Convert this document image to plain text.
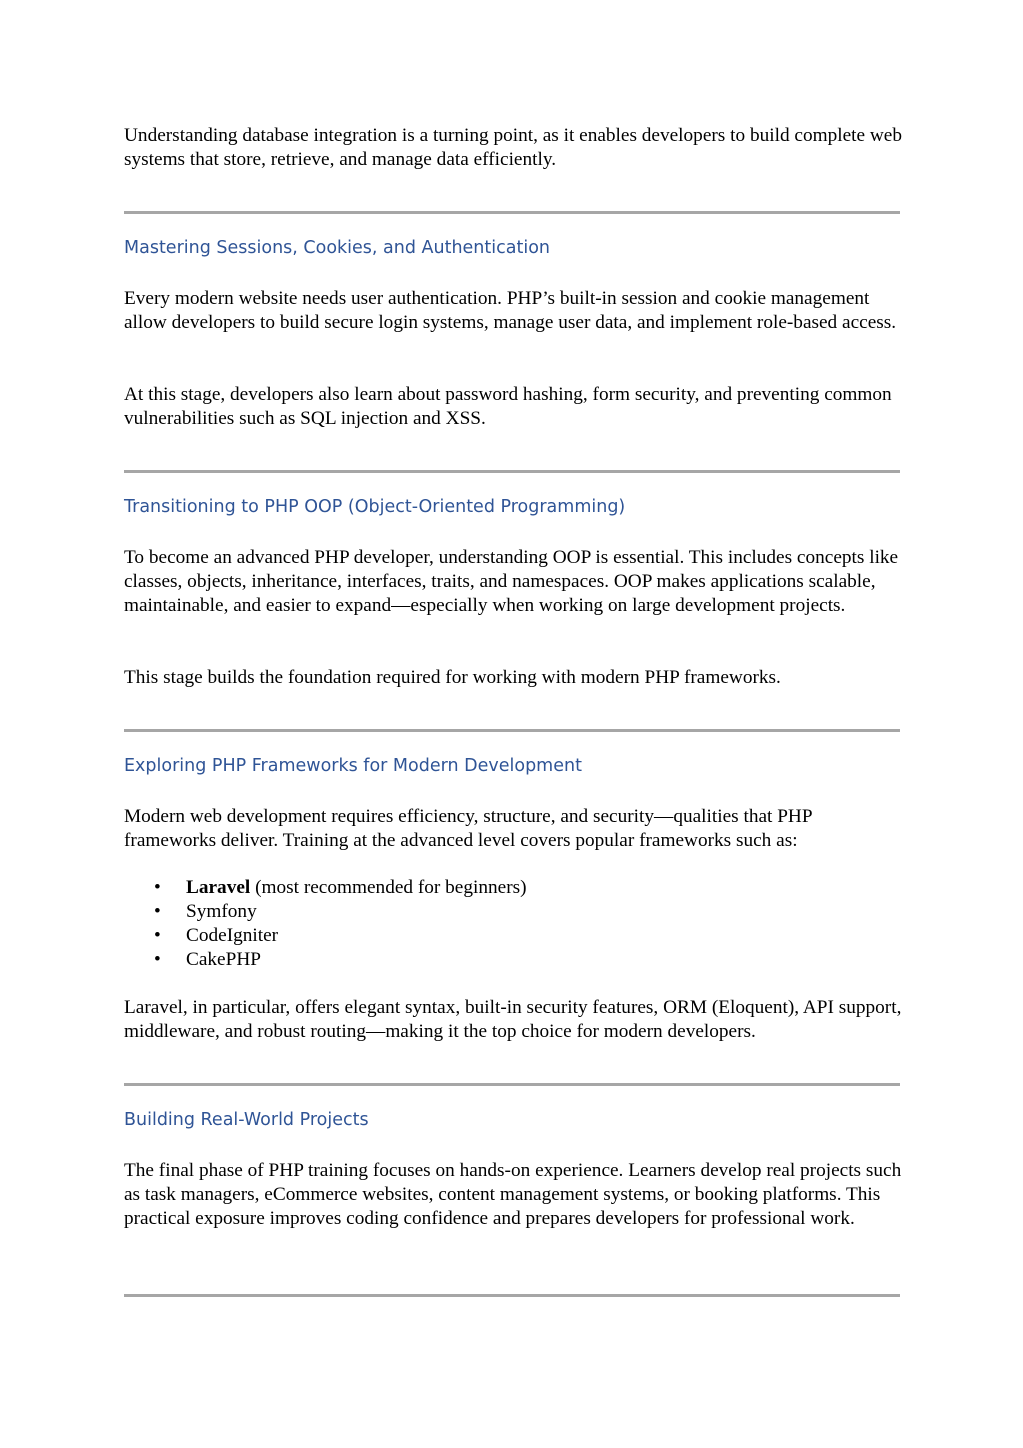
Understanding database integration is a turning point, as it enables developers to build complete web systems that store, retrieve, and manage data efficiently.

Mastering Sessions, Cookies, and Authentication

Every modern website needs user authentication. PHP’s built-in session and cookie management allow developers to build secure login systems, manage user data, and implement role-based access.

At this stage, developers also learn about password hashing, form security, and preventing common vulnerabilities such as SQL injection and XSS.

Transitioning to PHP OOP (Object-Oriented Programming)

To become an advanced PHP developer, understanding OOP is essential. This includes concepts like classes, objects, inheritance, interfaces, traits, and namespaces. OOP makes applications scalable, maintainable, and easier to expand—especially when working on large development projects.

This stage builds the foundation required for working with modern PHP frameworks.

Exploring PHP Frameworks for Modern Development

Modern web development requires efficiency, structure, and security—qualities that PHP frameworks deliver. Training at the advanced level covers popular frameworks such as:

• Laravel (most recommended for beginners)
• Symfony
• CodeIgniter
• CakePHP

Laravel, in particular, offers elegant syntax, built-in security features, ORM (Eloquent), API support, middleware, and robust routing—making it the top choice for modern developers.

Building Real-World Projects

The final phase of PHP training focuses on hands-on experience. Learners develop real projects such as task managers, eCommerce websites, content management systems, or booking platforms. This practical exposure improves coding confidence and prepares developers for professional work.
